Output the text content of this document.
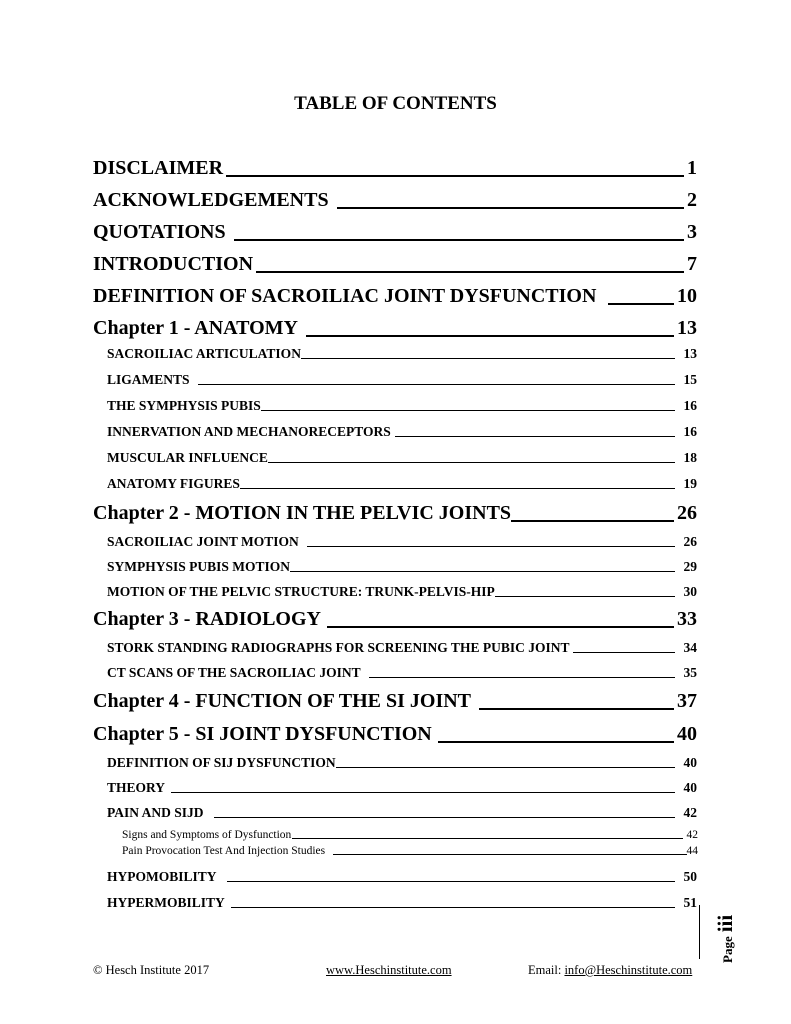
TABLE OF CONTENTS
DISCLAIMER	1
ACKNOWLEDGEMENTS	2
QUOTATIONS	3
INTRODUCTION	7
DEFINITION OF SACROILIAC JOINT DYSFUNCTION	10
Chapter 1 - ANATOMY	13
SACROILIAC ARTICULATION	13
LIGAMENTS	15
THE SYMPHYSIS PUBIS	16
INNERVATION AND MECHANORECEPTORS	16
MUSCULAR INFLUENCE	18
ANATOMY FIGURES	19
Chapter 2 - MOTION IN THE PELVIC JOINTS	26
SACROILIAC JOINT MOTION	26
SYMPHYSIS PUBIS MOTION	29
MOTION OF THE PELVIC STRUCTURE: TRUNK-PELVIS-HIP	30
Chapter 3 - RADIOLOGY	33
STORK STANDING RADIOGRAPHS FOR SCREENING THE PUBIC JOINT	34
CT SCANS OF THE SACROILIAC JOINT	35
Chapter 4 - FUNCTION OF THE SI JOINT	37
Chapter 5 - SI JOINT DYSFUNCTION	40
DEFINITION OF SIJ DYSFUNCTION	40
THEORY	40
PAIN AND SIJD	42
Signs and Symptoms of Dysfunction	42
Pain Provocation Test And Injection Studies	44
HYPOMOBILITY	50
HYPERMOBILITY	51
Page iii
© Hesch Institute 2017	www.Heschinstitute.com	Email: info@Heschinstitute.com
